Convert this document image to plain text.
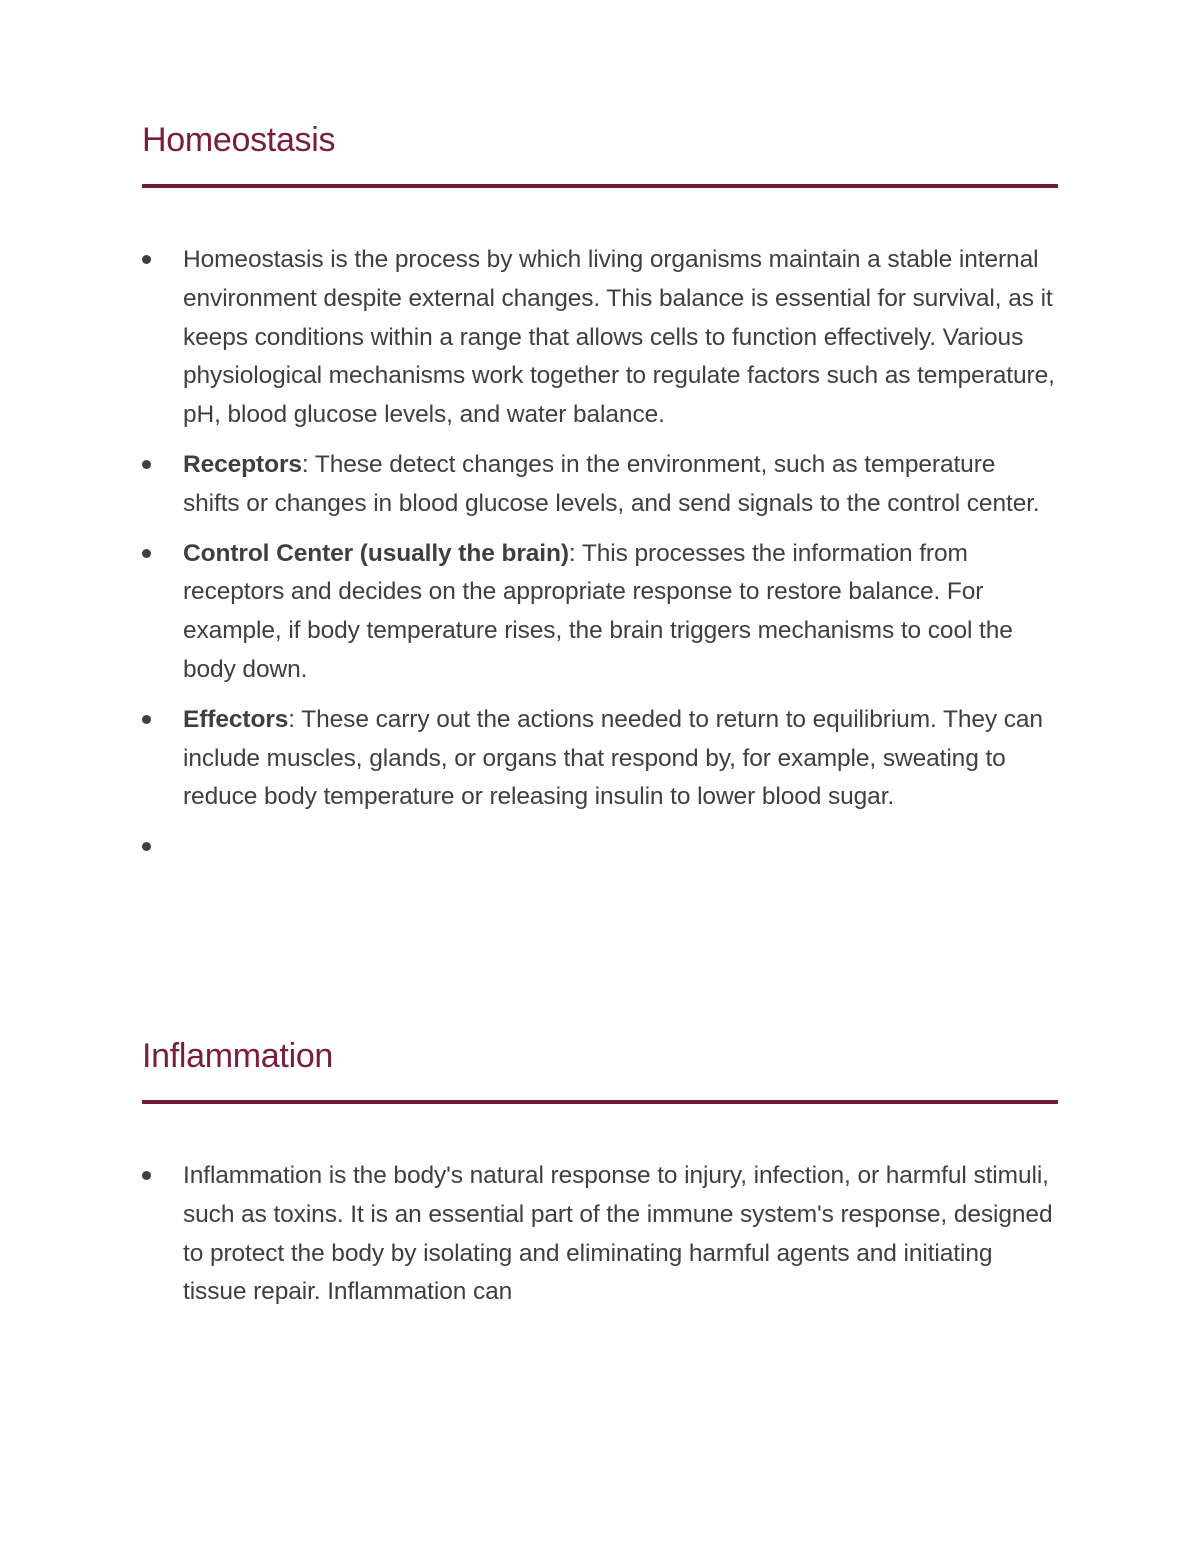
Homeostasis
Homeostasis is the process by which living organisms maintain a stable internal environment despite external changes. This balance is essential for survival, as it keeps conditions within a range that allows cells to function effectively. Various physiological mechanisms work together to regulate factors such as temperature, pH, blood glucose levels, and water balance.
Receptors: These detect changes in the environment, such as temperature shifts or changes in blood glucose levels, and send signals to the control center.
Control Center (usually the brain): This processes the information from receptors and decides on the appropriate response to restore balance. For example, if body temperature rises, the brain triggers mechanisms to cool the body down.
Effectors: These carry out the actions needed to return to equilibrium. They can include muscles, glands, or organs that respond by, for example, sweating to reduce body temperature or releasing insulin to lower blood sugar.

Inflammation
Inflammation is the body's natural response to injury, infection, or harmful stimuli, such as toxins. It is an essential part of the immune system's response, designed to protect the body by isolating and eliminating harmful agents and initiating tissue repair. Inflammation can
